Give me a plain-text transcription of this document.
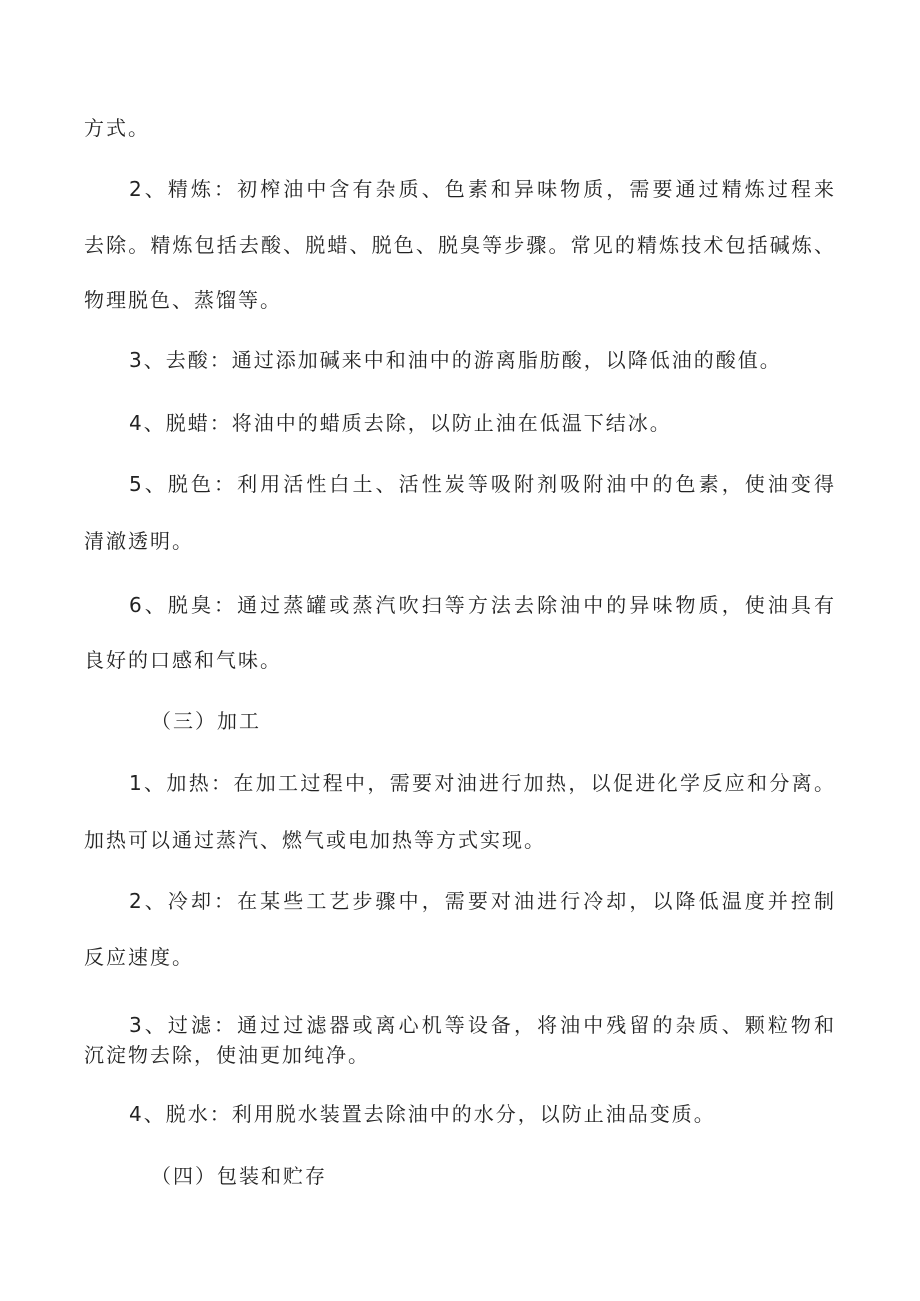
方式。
2、精炼：初榨油中含有杂质、色素和异味物质，需要通过精炼过程来
去除。精炼包括去酸、脱蜡、脱色、脱臭等步骤。常见的精炼技术包括碱炼、
物理脱色、蒸馏等。
3、去酸：通过添加碱来中和油中的游离脂肪酸，以降低油的酸值。
4、脱蜡：将油中的蜡质去除，以防止油在低温下结冰。
5、脱色：利用活性白土、活性炭等吸附剂吸附油中的色素，使油变得
清澈透明。
6、脱臭：通过蒸罐或蒸汽吹扫等方法去除油中的异味物质，使油具有
良好的口感和气味。
（三）加工
1、加热：在加工过程中，需要对油进行加热，以促进化学反应和分离。
加热可以通过蒸汽、燃气或电加热等方式实现。
2、冷却：在某些工艺步骤中，需要对油进行冷却，以降低温度并控制
反应速度。
3、过滤：通过过滤器或离心机等设备，将油中残留的杂质、颗粒物和
沉淀物去除，使油更加纯净。
4、脱水：利用脱水装置去除油中的水分，以防止油品变质。
（四）包装和贮存
